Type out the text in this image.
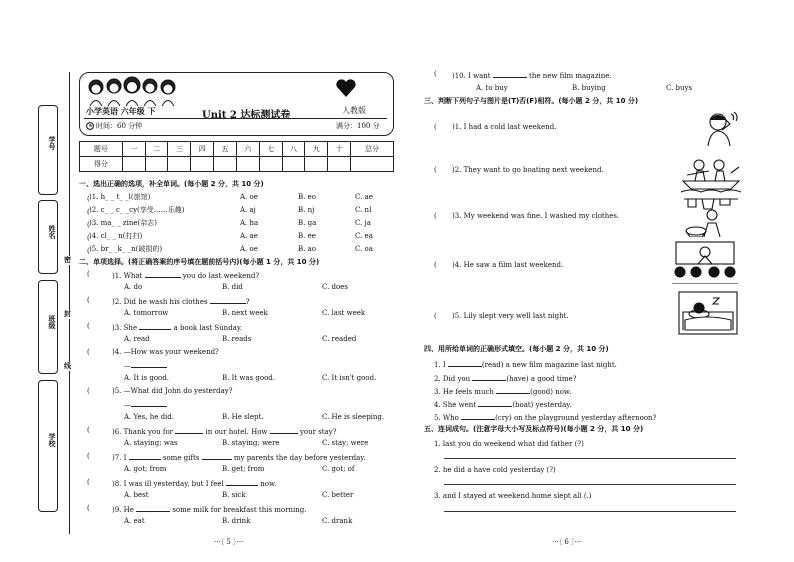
学号
姓名
班级
学校
密
封
线
小学英语 六年级 下	Unit 2 达标测试卷	人教版
时间：60 分钟	满分：100 分
题号	一	二	三	四	五	六	七	八	九	十	总分
得分											
一、选出正确的选项，补全单词。(每小题 2 分，共 10 分)
)1. h_ _ t_ _l(旅馆)	A. oe	B. eo	C. ae
)2. c_ _ c_ _cy(享受……乐趣)	A. aj	B. nj	C. nl
)3. ma_ _ zine(杂志)	A. ha	B. ga	C. ja
)4. cl_ _ n(打扫)	A. ae	B. ee	C. ea
)5. br_ _k_ _n(破损的)	A. oe	B. ao	C. oa
(
(
(
(
(
二、单项选择。(将正确答案的序号填在题前括号内)(每小题 1 分，共 10 分)
(	)1. What	you do last weekend?
A. do	B. did	C. does
(	)2. Did he wash his clothes	?
A. tomorrow	B. next week	C. last week
(	)3. She	a book last Sunday.
A. read	B. reads	C. readed
(	)4. —How was your weekend?
—
A. It is good.	B. It was good.	C. It isn't good.
(	)5. —What did John do yesterday?
—
A. Yes, he did.	B. He slept.	C. He is sleeping.
(	)6. Thank you for	in our hotel. How	your stay?
A. staying; was	B. staying; were	C. stay; were
(	)7. I	some gifts	my parents the day before yesterday.
A. got; from	B. get; from	C. got; of
(	)8. I was ill yesterday, but I feel	now.
A. best	B. sick	C. better
(	)9. He	some milk for breakfast this morning.
A. eat	B. drink	C. drank
( )10. I want	the new film magazine.
A. to buy	B. buying	C. buys
三、判断下列句子与图片是(T)否(F)相符。(每小题 2 分，共 10 分)
( )1. I had a cold last weekend.
( )2. They want to go boating next weekend.
( )3. My weekend was fine. I washed my clothes.
( )4. He saw a film last weekend.
( )5. Lily slept very well last night.
四、用所给单词的正确形式填空。(每小题 2 分，共 10 分)
1. I	(read) a new film magazine last night.
2. Did you	(have) a good time?
3. He feels much	(good) now.
4. She went	(boat) yesterday.
5. Who	(cry) on the playground yesterday afternoon?
五、连词成句。(注意字母大小写及标点符号)(每小题 2 分，共 10 分)
1. last you do weekend what did father (?)
2. he did a have cold yesterday (?)
3. and I stayed at weekend home slept all (.)
···〔 5 〕···	···〔 6 〕···
